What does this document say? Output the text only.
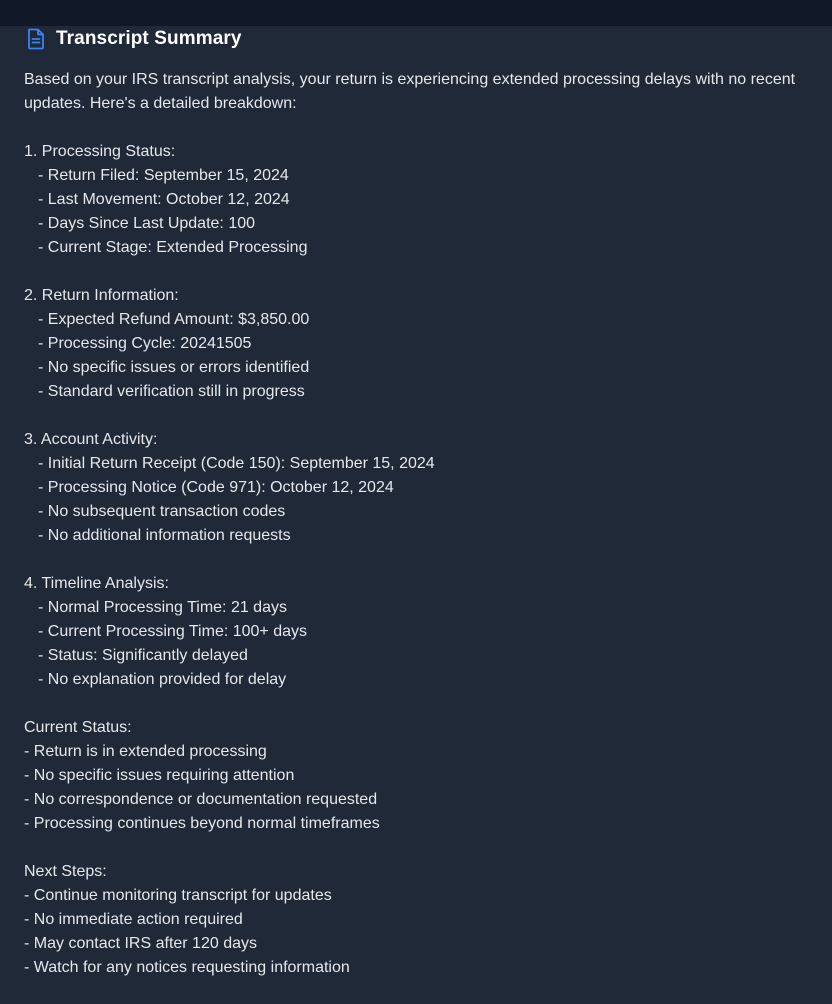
Transcript Summary

Based on your IRS transcript analysis, your return is experiencing extended processing delays with no recent updates. Here's a detailed breakdown:

1. Processing Status:

- Return Filed: September 15, 2024

- Last Movement: October 12, 2024

- Days Since Last Update: 100

- Current Stage: Extended Processing

2. Return Information:

- Expected Refund Amount: $3,850.00

- Processing Cycle: 20241505

- No specific issues or errors identified

- Standard verification still in progress

3. Account Activity:

- Initial Return Receipt (Code 150): September 15, 2024

- Processing Notice (Code 971): October 12, 2024

- No subsequent transaction codes

- No additional information requests

4. Timeline Analysis:

- Normal Processing Time: 21 days

- Current Processing Time: 100+ days

- Status: Significantly delayed

- No explanation provided for delay

Current Status:

- Return is in extended processing

- No specific issues requiring attention

- No correspondence or documentation requested

- Processing continues beyond normal timeframes

Next Steps:

- Continue monitoring transcript for updates

- No immediate action required

- May contact IRS after 120 days

- Watch for any notices requesting information
